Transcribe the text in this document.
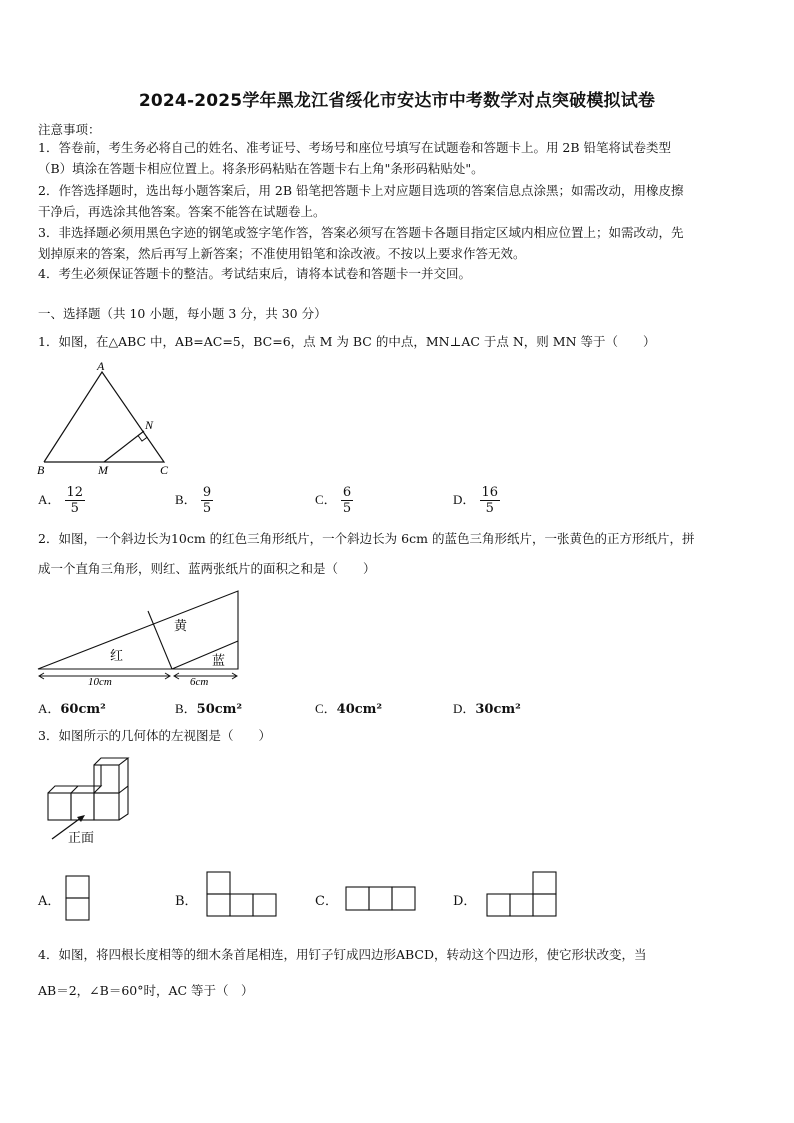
2024-2025学年黑龙江省绥化市安达市中考数学对点突破模拟试卷
注意事项：
1．答卷前，考生务必将自己的姓名、准考证号、考场号和座位号填写在试题卷和答题卡上。用 2B 铅笔将试卷类型
（B）填涂在答题卡相应位置上。将条形码粘贴在答题卡右上角"条形码粘贴处"。
2．作答选择题时，选出每小题答案后，用 2B 铅笔把答题卡上对应题目选项的答案信息点涂黑；如需改动，用橡皮擦
干净后，再选涂其他答案。答案不能答在试题卷上。
3．非选择题必须用黑色字迹的钢笔或签字笔作答，答案必须写在答题卡各题目指定区域内相应位置上；如需改动，先
划掉原来的答案，然后再写上新答案；不准使用铅笔和涂改液。不按以上要求作答无效。
4．考生必须保证答题卡的整洁。考试结束后，请将本试卷和答题卡一并交回。
一、选择题（共 10 小题，每小题 3 分，共 30 分）
1．如图，在△ABC 中，AB=AC=5，BC=6，点 M 为 BC 的中点，MN⊥AC 于点 N，则 MN 等于（　　）
A
B	C
M
N
A． $\frac{12}{5}$	B． $\frac{9}{5}$	C． $\frac{6}{5}$	D． $\frac{16}{5}$
2．如图，一个斜边长为10cm 的红色三角形纸片，一个斜边长为 6cm 的蓝色三角形纸片，一张黄色的正方形纸片，拼
成一个直角三角形，则红、蓝两张纸片的面积之和是（　　）
黄
红	蓝
10cm	6cm
A．60cm²	B．50cm²	C．40cm²	D．30cm²
3．如图所示的几何体的左视图是（　　）
正面
A．	B．	C．	D．
4．如图，将四根长度相等的细木条首尾相连，用钉子钉成四边形ABCD，转动这个四边形，使它形状改变，当
AB＝2，∠B＝60°时，AC 等于（　）
